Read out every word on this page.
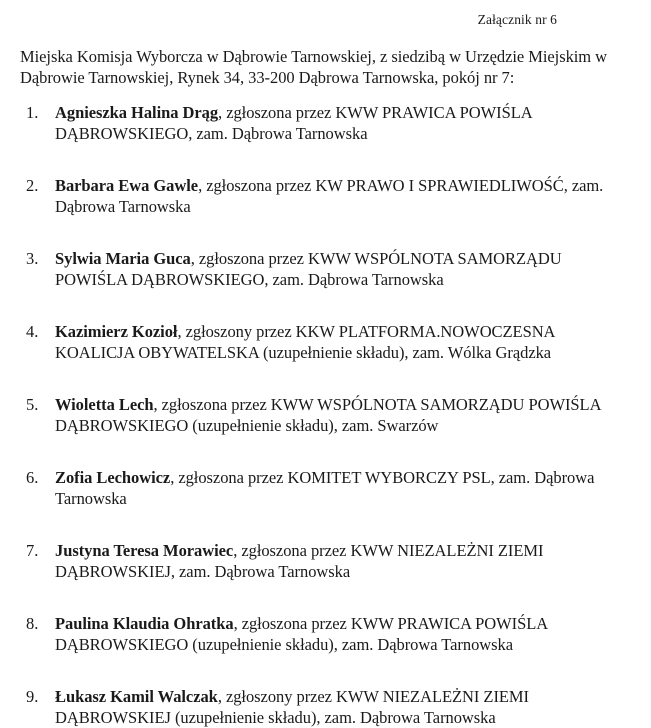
Załącznik nr 6

Miejska Komisja Wyborcza w Dąbrowie Tarnowskiej, z siedzibą w Urzędzie Miejskim w Dąbrowie Tarnowskiej, Rynek 34, 33-200 Dąbrowa Tarnowska, pokój nr 7:

1.	Agnieszka Halina Drąg, zgłoszona przez KWW PRAWICA POWIŚLA DĄBROWSKIEGO, zam. Dąbrowa Tarnowska
2.	Barbara Ewa Gawle, zgłoszona przez KW PRAWO I SPRAWIEDLIWOŚĆ, zam. Dąbrowa Tarnowska
3.	Sylwia Maria Guca, zgłoszona przez KWW WSPÓLNOTA SAMORZĄDU POWIŚLA DĄBROWSKIEGO, zam. Dąbrowa Tarnowska
4.	Kazimierz Kozioł, zgłoszony przez KKW PLATFORMA.NOWOCZESNA KOALICJA OBYWATELSKA (uzupełnienie składu), zam. Wólka Grądzka
5.	Wioletta Lech, zgłoszona przez KWW WSPÓLNOTA SAMORZĄDU POWIŚLA DĄBROWSKIEGO (uzupełnienie składu), zam. Swarzów
6.	Zofia Lechowicz, zgłoszona przez KOMITET WYBORCZY PSL, zam. Dąbrowa Tarnowska
7.	Justyna Teresa Morawiec, zgłoszona przez KWW NIEZALEŻNI ZIEMI DĄBROWSKIEJ, zam. Dąbrowa Tarnowska
8.	Paulina Klaudia Ohratka, zgłoszona przez KWW PRAWICA POWIŚLA DĄBROWSKIEGO (uzupełnienie składu), zam. Dąbrowa Tarnowska
9.	Łukasz Kamil Walczak, zgłoszony przez KWW NIEZALEŻNI ZIEMI DĄBROWSKIEJ (uzupełnienie składu), zam. Dąbrowa Tarnowska
